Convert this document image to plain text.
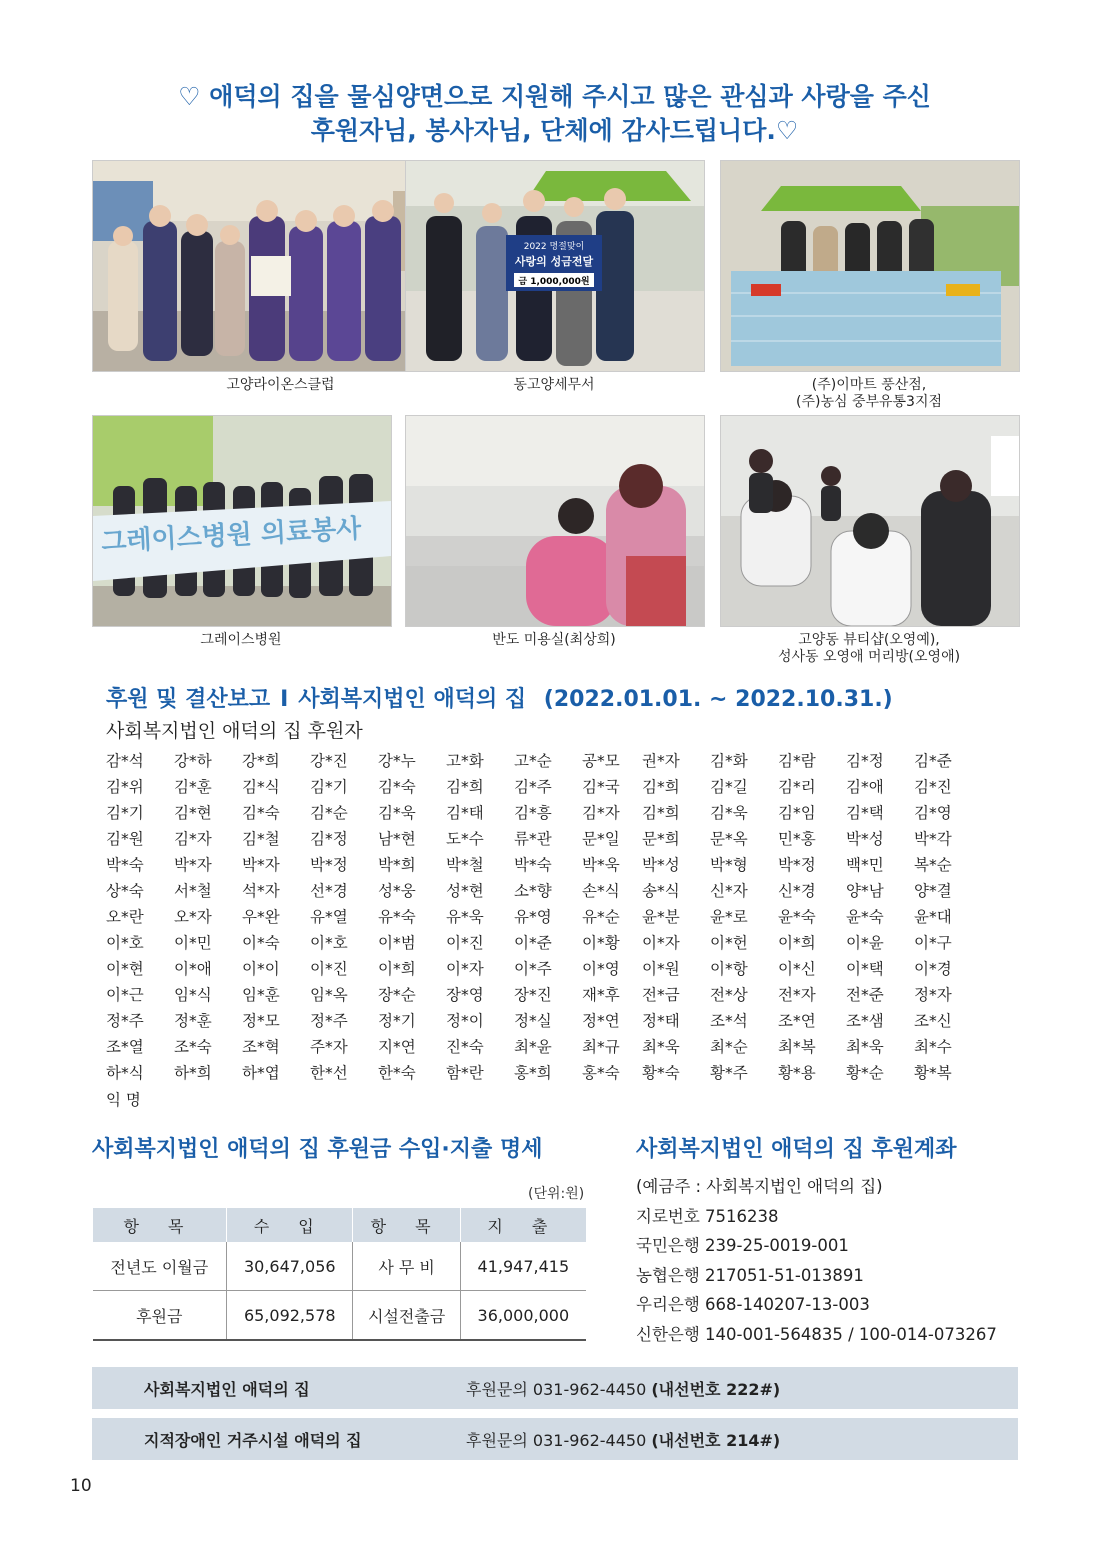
♡ 애덕의 집을 물심양면으로 지원해 주시고 많은 관심과 사랑을 주신
후원자님, 봉사자님, 단체에 감사드립니다.♡
고양라이온스클럽
2022 명절맞이
사랑의 성금전달
금 1,000,000원
동고양세무서	(주)이마트 풍산점,
(주)농심 중부유통3지점
그레이스병원 의료봉사
그레이스병원	반도 미용실(최상희)	고양동 뷰티샵(오영예),
성사동 오영애 머리방(오영애)
후원 및 결산보고 I 사회복지법인 애덕의 집 (2022.01.01. ~ 2022.10.31.)
사회복지법인 애덕의 집 후원자
감*석	강*하	강*희	강*진	강*누	고*화	고*순	공*모	권*자	김*화	김*람	김*정	김*준
김*위	김*훈	김*식	김*기	김*숙	김*희	김*주	김*국	김*희	김*길	김*리	김*애	김*진
김*기	김*현	김*숙	김*순	김*욱	김*태	김*흥	김*자	김*희	김*욱	김*임	김*택	김*영
김*원	김*자	김*철	김*정	남*현	도*수	류*관	문*일	문*희	문*옥	민*홍	박*성	박*각
박*숙	박*자	박*자	박*정	박*희	박*철	박*숙	박*욱	박*성	박*형	박*정	백*민	복*순
상*숙	서*철	석*자	선*경	성*웅	성*현	소*향	손*식	송*식	신*자	신*경	양*남	양*결
오*란	오*자	우*완	유*열	유*숙	유*욱	유*영	유*순	윤*분	윤*로	윤*숙	윤*숙	윤*대
이*호	이*민	이*숙	이*호	이*범	이*진	이*준	이*황	이*자	이*헌	이*희	이*윤	이*구
이*현	이*애	이*이	이*진	이*희	이*자	이*주	이*영	이*원	이*항	이*신	이*택	이*경
이*근	임*식	임*훈	임*옥	장*순	장*영	장*진	재*후	전*금	전*상	전*자	전*준	정*자
정*주	정*훈	정*모	정*주	정*기	정*이	정*실	정*연	정*태	조*석	조*연	조*샘	조*신
조*열	조*숙	조*혁	주*자	지*연	진*숙	최*윤	최*규	최*욱	최*순	최*복	최*욱	최*수
하*식	하*희	하*엽	한*선	한*숙	함*란	홍*희	홍*숙	황*숙	황*주	황*용	황*순	황*복
익 명
사회복지법인 애덕의 집 후원금 수입·지출 명세
(단위:원)
항 목	수 입	항 목	지 출
전년도 이월금	30,647,056	사 무 비	41,947,415
후원금	65,092,578	시설전출금	36,000,000
사회복지법인 애덕의 집 후원계좌
(예금주 : 사회복지법인 애덕의 집)
지로번호 7516238
국민은행 239-25-0019-001
농협은행 217051-51-013891
우리은행 668-140207-13-003
신한은행 140-001-564835 / 100-014-073267
사회복지법인 애덕의 집	후원문의 031-962-4450 (내선번호 222#)
지적장애인 거주시설 애덕의 집	후원문의 031-962-4450 (내선번호 214#)
10
